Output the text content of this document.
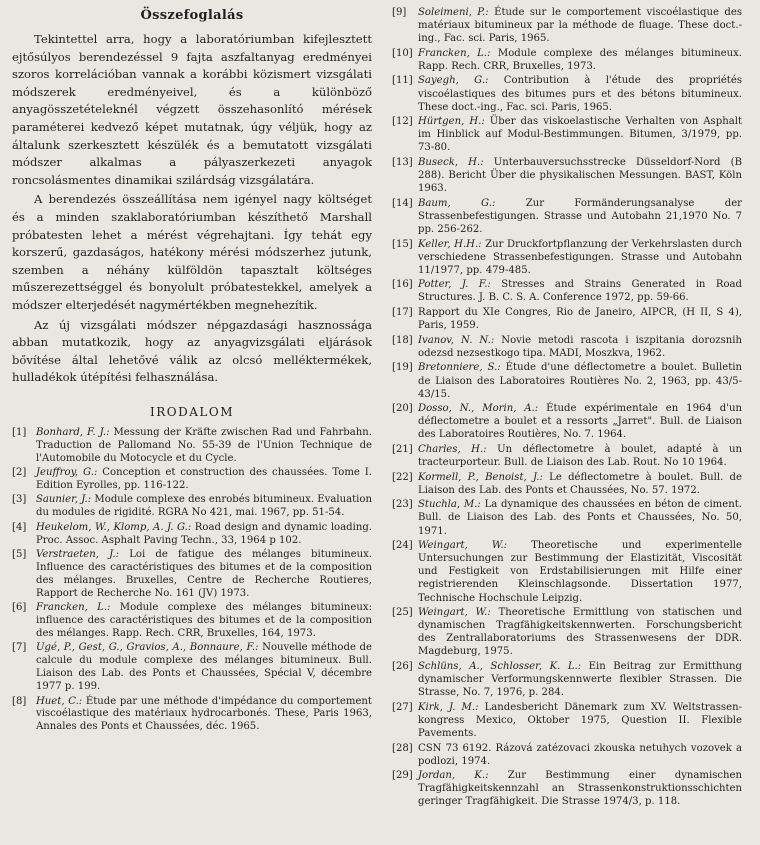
Összefoglalás

Tekintettel arra, hogy a laboratóriumban kifejlesztett ejtősúlyos berendezéssel 9 fajta aszfaltanyag eredményei szoros korrelációban vannak a korábbi közismert vizsgálati módszerek eredményeivel, és a különböző anyagösszetételeknél végzett összehasonlító mérések paraméterei kedvező képet mutatnak, úgy véljük, hogy az általunk szerkesztett készülék és a bemutatott vizsgálati módszer alkalmas a pályaszerkezeti anyagok roncsolásmentes dinamikai szilárdság vizsgálatára.

A berendezés összeállítása nem igényel nagy költséget és a minden szaklaboratóriumban készíthető Marshall próbatesten lehet a mérést végrehajtani. Így tehát egy korszerű, gazdaságos, hatékony mérési módszerhez jutunk, szemben a néhány külföldön tapasztalt költséges műszerezettséggel és bonyolult próbatestekkel, amelyek a módszer elterjedését nagymértékben megnehezítik.

Az új vizsgálati módszer népgazdasági hasznossága abban mutatkozik, hogy az anyagvizsgálati eljárások bővítése által lehetővé válik az olcsó melléktermékek, hulladékok útépítési felhasználása.

IRODALOM
[1] Bonhard, F. J.: Messung der Kräfte zwischen Rad und Fahrbahn. Traduction de Pallomand No. 55-39 de l'Union Technique de l'Automobile du Motocycle et du Cycle.
[2] Jeuffroy, G.: Conception et construction des chaussées. Tome I. Edition Eyrolles, pp. 116-122.
[3] Saunier, J.: Module complexe des enrobés bitumineux. Evaluation du modules de rigidité. RGRA No 421, mai. 1967, pp. 51-54.
[4] Heukelom, W., Klomp, A. J. G.: Road design and dynamic loading. Proc. Assoc. Asphalt Paving Techn., 33, 1964 p 102.
[5] Verstraeten, J.: Loi de fatigue des mélanges bitumineux. Influence des caractéristiques des bitumes et de la composition des mélanges. Bruxelles, Centre de Recherche Routieres, Rapport de Recherche No. 161 (JV) 1973.
[6] Francken, L.: Module complexe des mélanges bitumineux: influence des caractéristiques des bitumes et de la composition des mélanges. Rapp. Rech. CRR, Bruxelles, 164, 1973.
[7] Ugé, P., Gest, G., Gravios, A., Bonnaure, F.: Nouvelle méthode de calcule du module complexe des mélanges bitumineux. Bull. Liaison des Lab. des Ponts et Chaussées, Spécial V, décembre 1977 p. 199.
[8] Huet, C.: Étude par une méthode d'impédance du comportement viscoélastique des matériaux hydrocarbonés. These, Paris 1963, Annales des Ponts et Chaussées, déc. 1965.
[9]	Soleimeni, P.: Étude sur le comportement viscoélastique des matériaux bitumineux par la méthode de fluage. These doct.-ing., Fac. sci. Paris, 1965.
[10] Francken, L.: Module complexe des mélanges bitumineux. Rapp. Rech. CRR, Bruxelles, 1973.
[11] Sayegh, G.: Contribution à l'étude des propriétés viscoélastiques des bitumes purs et des bétons bitumineux. These doct.-ing., Fac. sci. Paris, 1965.
[12] Hürtgen, H.: Über das viskoelastische Verhalten von Asphalt im Hinblick auf Modul-Bestimmungen. Bitumen, 3/1979, pp. 73-80.
[13] Buseck, H.: Unterbauversuchsstrecke Düsseldorf-Nord (B 288). Bericht Über die physikalischen Messungen. BAST, Köln 1963.
[14] Baum, G.:	Zur Formänderungsanalyse der Strassenbefestigungen. Strasse und Autobahn 21,1970 No. 7 pp. 256-262.
[15] Keller, H.H.: Zur Druckfortpflanzung der Verkehrslasten durch verschiedene Strassenbefestigungen. Strasse und Autobahn 11/1977, pp. 479-485.
[16] Potter, J. F.: Stresses and Strains Generated in Road Structures. J. B. C. S. A. Conference 1972, pp. 59-66.
[17] Rapport du XIe Congres, Rio de Janeiro, AIPCR, (H II, S 4), Paris, 1959.
[18] Ivanov, N. N.: Novie metodi rascota i iszpitania dorozsnih odezsd nezsestkogo tipa. MADI, Moszkva, 1962.
[19] Bretonniere, S.: Étude d'une déflectometre a boulet. Bulletin de Liaison des Laboratoires Routières No. 2, 1963, pp. 43/5-43/15.
[20] Dosso, N., Morin, A.: Étude expérimentale en 1964 d'un déflectometre a boulet et a ressorts „Jarret". Bull. de Liaison des Laboratoires Routières, No. 7. 1964.
[21] Charles, H.: Un déflectometre à boulet, adapté à un tracteurporteur. Bull. de Liaison des Lab. Rout. No 10 1964.
[22] Kormell, P., Benoist, J.: Le déflectometre à boulet. Bull. de Liaison des Lab. des Ponts et Chaussées, No. 57. 1972.
[23] Stuchla, M.: La dynamique des chaussées en béton de ciment. Bull. de Liaison des Lab. des Ponts et Chaussées, No. 50, 1971.
[24] Weingart, W.: Theoretische und experimentelle Untersuchungen zur Bestimmung der Elastizität, Viscosität und Festigkeit von Erdstabilisierungen mit Hilfe einer registrierenden Kleinschlagsonde. Dissertation 1977, Technische Hochschule Leipzig.
[25] Weingart, W.: Theoretische Ermittlung von statischen und dynamischen Tragfähigkeitskennwerten. Forschungsbericht des Zentrallaboratoriums des Strassenwesens der DDR. Magdeburg, 1975.
[26] Schlüns, A., Schlosser, K. L.: Ein Beitrag zur Ermitthung dynamischer Verformungskennwerte flexibler Strassen. Die Strasse, No. 7, 1976, p. 284.
[27] Kirk, J. M.: Landesbericht Dänemark zum XV. Weltstrassen-kongress Mexico, Oktober 1975, Question II. Flexible Pavements.
[28] CSN 73 6192. Rázová zatézovaci zkouska netuhych vozovek a podlozi, 1974.
[29] Jordan, K.: Zur Bestimmung einer dynamischen Tragfähigkeitskennzahl an Strassenkonstruktionsschichten geringer Tragfähigkeit. Die Strasse 1974/3, p. 118.
